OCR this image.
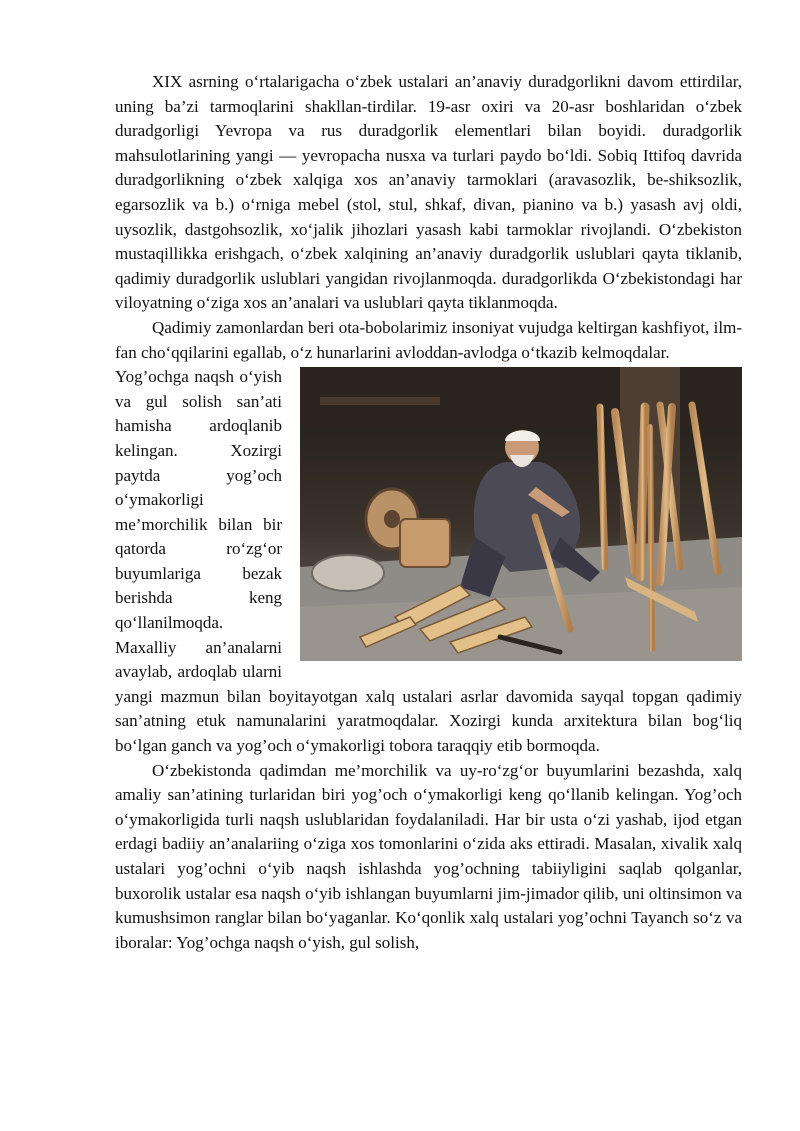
XIX asrning o‘rtalarigacha o‘zbek ustalari an’anaviy duradgorlikni davom ettirdilar, uning ba’zi tarmoqlarini shakllan-tirdilar. 19-asr oxiri va 20-asr boshlaridan o‘zbek duradgorligi Yevropa va rus duradgorlik elementlari bilan boyidi. duradgorlik mahsulotlarining yangi — yevropacha nusxa va turlari paydo bo‘ldi. Sobiq Ittifoq davrida duradgorlikning o‘zbek xalqiga xos an’anaviy tarmoklari (aravasozlik, be-shiksozlik, egarsozlik va b.) o‘rniga mebel (stol, stul, shkaf, divan, pianino va b.) yasash avj oldi, uysozlik, dastgohsozlik, xo‘jalik jihozlari yasash kabi tarmoklar rivojlandi. O‘zbekiston mustaqillikka erishgach, o‘zbek xalqining an’anaviy duradgorlik uslublari qayta tiklanib, qadimiy duradgorlik uslublari yangidan rivojlanmoqda. duradgorlikda O‘zbekistondagi har viloyatning o‘ziga xos an’analari va uslublari qayta tiklanmoqda.

Qadimiy zamonlardan beri ota-bobolarimiz insoniyat vujudga keltirgan kashfiyot, ilm-fan cho‘qqilarini egallab, o‘z hunarlarini avloddan-avlodga o‘tkazib kelmoqdalar.

Yog’ochga naqsh o‘yish va gul solish san’ati hamisha ardoqlanib kelingan. Xozirgi paytda yog’och o‘ymakorligi me’morchilik bilan bir qatorda ro‘zg‘or buyumlariga bezak berishda keng qo‘llanilmoqda. Maxalliy an’analarni avaylab, ardoqlab ularni yangi mazmun bilan boyitayotgan xalq ustalari asrlar davomida sayqal topgan qadimiy san’atning etuk namunalarini yaratmoqdalar. Xozirgi kunda arxitektura bilan bog‘liq bo‘lgan ganch va yog’och o‘ymakorligi tobora taraqqiy etib bormoqda.

O‘zbekistonda qadimdan me’morchilik va uy-ro‘zg‘or buyumlarini bezashda, xalq amaliy san’atining turlaridan biri yog’och o‘ymakorligi keng qo‘llanib kelingan. Yog’och o‘ymakorligida turli naqsh uslublaridan foydalaniladi. Har bir usta o‘zi yashab, ijod etgan erdagi badiiy an’analariing o‘ziga xos tomonlarini o‘zida aks ettiradi. Masalan, xivalik xalq ustalari yog’ochni o‘yib naqsh ishlashda yog’ochning tabiiyligini saqlab qolganlar, buxorolik ustalar esa naqsh o‘yib ishlangan buyumlarni jim-jimador qilib, uni oltinsimon va kumushsimon ranglar bilan bo‘yaganlar. Ko‘qonlik xalq ustalari yog’ochni Tayanch so‘z va iboralar: Yog’ochga naqsh o‘yish, gul solish,
